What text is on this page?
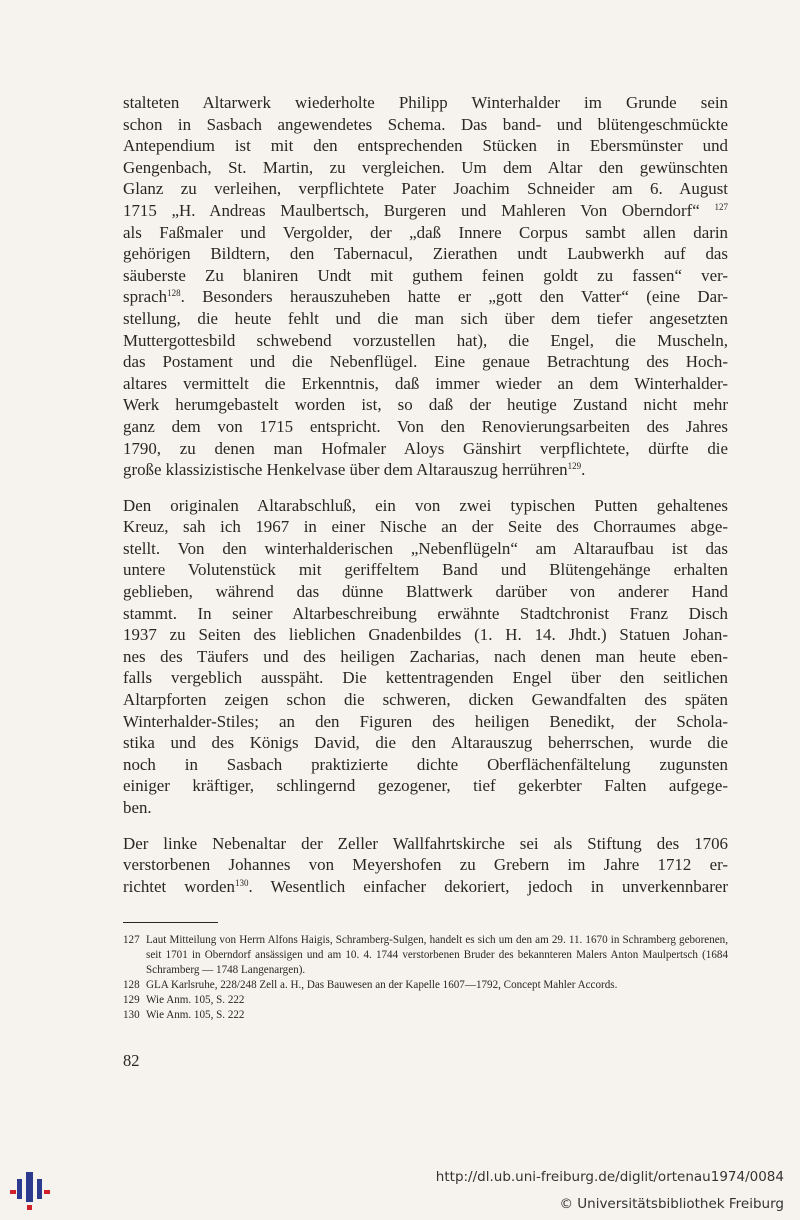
stalteten Altarwerk wiederholte Philipp Winterhalder im Grunde sein
schon in Sasbach angewendetes Schema. Das band- und blütengeschmückte
Antependium ist mit den entsprechenden Stücken in Ebersmünster und
Gengenbach, St. Martin, zu vergleichen. Um dem Altar den gewünschten
Glanz zu verleihen, verpflichtete Pater Joachim Schneider am 6. August
1715 „H. Andreas Maulbertsch, Burgeren und Mahleren Von Oberndorf“ $^{127}$
als Faßmaler und Vergolder, der „daß Innere Corpus sambt allen darin
gehörigen Bildtern, den Tabernacul, Zierathen undt Laubwerkh auf das
säuberste Zu blaniren Undt mit guthem feinen goldt zu fassen“ ver-
sprach$^{128}$. Besonders herauszuheben hatte er „gott den Vatter“ (eine Dar-
stellung, die heute fehlt und die man sich über dem tiefer angesetzten
Muttergottesbild schwebend vorzustellen hat), die Engel, die Muscheln,
das Postament und die Nebenflügel. Eine genaue Betrachtung des Hoch-
altares vermittelt die Erkenntnis, daß immer wieder an dem Winterhalder-
Werk herumgebastelt worden ist, so daß der heutige Zustand nicht mehr
ganz dem von 1715 entspricht. Von den Renovierungsarbeiten des Jahres
1790, zu denen man Hofmaler Aloys Gänshirt verpflichtete, dürfte die
große klassizistische Henkelvase über dem Altarauszug herrühren$^{129}$.
Den originalen Altarabschluß, ein von zwei typischen Putten gehaltenes
Kreuz, sah ich 1967 in einer Nische an der Seite des Chorraumes abge-
stellt. Von den winterhalderischen „Nebenflügeln“ am Altaraufbau ist das
untere Volutenstück mit geriffeltem Band und Blütengehänge erhalten
geblieben, während das dünne Blattwerk darüber von anderer Hand
stammt. In seiner Altarbeschreibung erwähnte Stadtchronist Franz Disch
1937 zu Seiten des lieblichen Gnadenbildes (1. H. 14. Jhdt.) Statuen Johan-
nes des Täufers und des heiligen Zacharias, nach denen man heute eben-
falls vergeblich ausspäht. Die kettentragenden Engel über den seitlichen
Altarpforten zeigen schon die schweren, dicken Gewandfalten des späten
Winterhalder-Stiles; an den Figuren des heiligen Benedikt, der Schola-
stika und des Königs David, die den Altarauszug beherrschen, wurde die
noch in Sasbach praktizierte dichte Oberflächenfältelung zugunsten
einiger kräftiger, schlingernd gezogener, tief gekerbter Falten aufgege-
ben.
Der linke Nebenaltar der Zeller Wallfahrtskirche sei als Stiftung des 1706
verstorbenen Johannes von Meyershofen zu Grebern im Jahre 1712 er-
richtet worden$^{130}$. Wesentlich einfacher dekoriert, jedoch in unverkennbarer
127 Laut Mitteilung von Herrn Alfons Haigis, Schramberg-Sulgen, handelt es sich um den am 29. 11. 1670 in Schramberg geborenen, seit 1701 in Oberndorf ansässigen und am 10. 4. 1744 verstorbenen Bruder des bekannteren Malers Anton Maulpertsch (1684 Schramberg — 1748 Langenargen).
128 GLA Karlsruhe, 228/248 Zell a. H., Das Bauwesen an der Kapelle 1607—1792, Concept Mahler Accords.
129 Wie Anm. 105, S. 222
130 Wie Anm. 105, S. 222
82
http://dl.ub.uni-freiburg.de/diglit/ortenau1974/0084
© Universitätsbibliothek Freiburg
